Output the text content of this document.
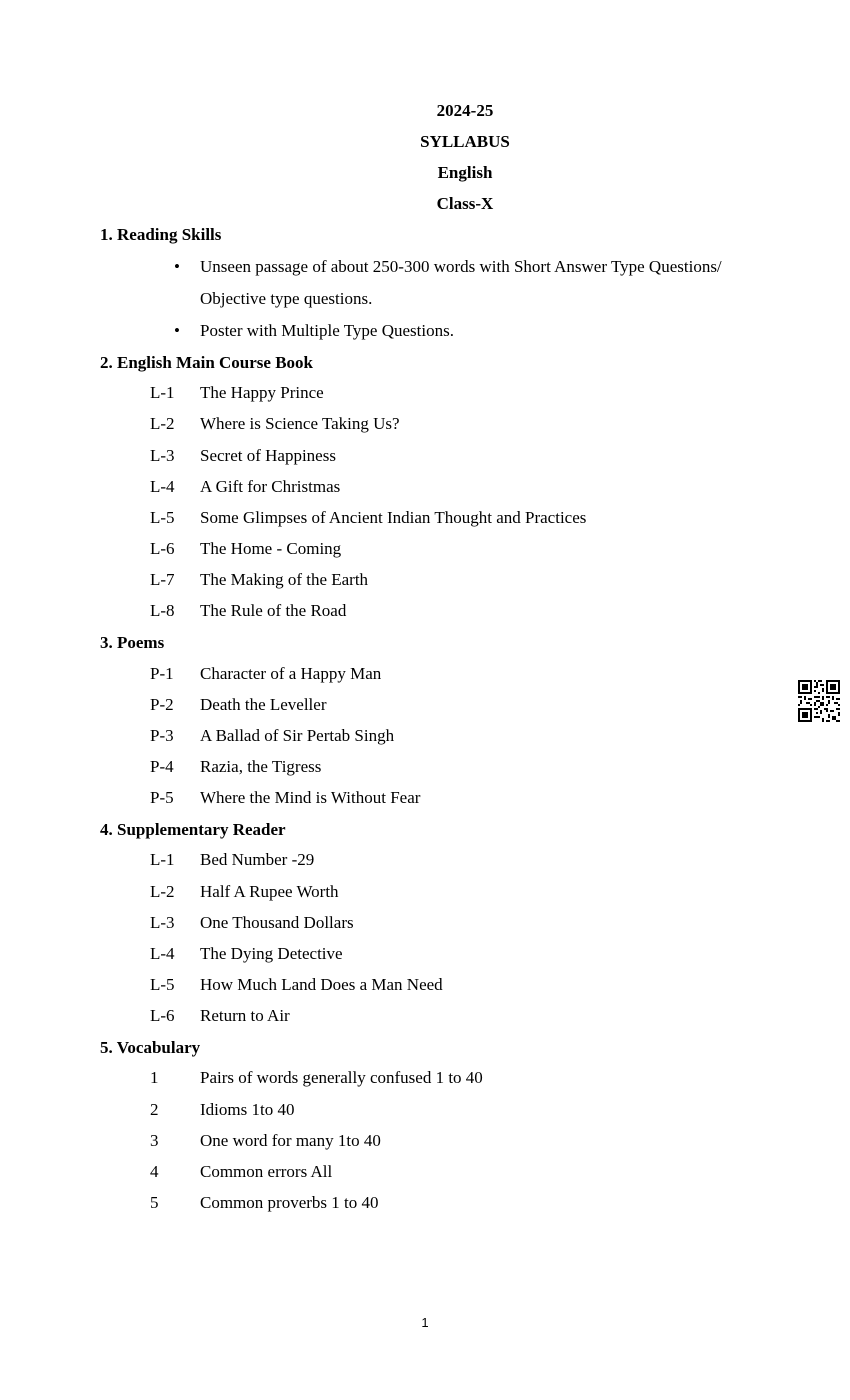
2024-25
SYLLABUS
English
Class-X
1. Reading Skills
• Unseen passage of about 250-300 words with Short Answer Type Questions/
Objective type questions.
• Poster with Multiple Type Questions.
2. English Main Course Book
L-1 The Happy Prince
L-2 Where is Science Taking Us?
L-3 Secret of Happiness
L-4 A Gift for Christmas
L-5 Some Glimpses of Ancient Indian Thought and Practices
L-6 The Home - Coming
L-7 The Making of the Earth
L-8 The Rule of the Road
3. Poems
P-1 Character of a Happy Man
P-2 Death the Leveller
P-3 A Ballad of Sir Pertab Singh
P-4 Razia, the Tigress
P-5 Where the Mind is Without Fear
4. Supplementary Reader
L-1 Bed Number -29
L-2 Half A Rupee Worth
L-3 One Thousand Dollars
L-4 The Dying Detective
L-5 How Much Land Does a Man Need
L-6 Return to Air
5. Vocabulary
1 Pairs of words generally confused 1 to 40
2 Idioms 1to 40
3 One word for many 1to 40
4 Common errors All
5 Common proverbs 1 to 40
1
